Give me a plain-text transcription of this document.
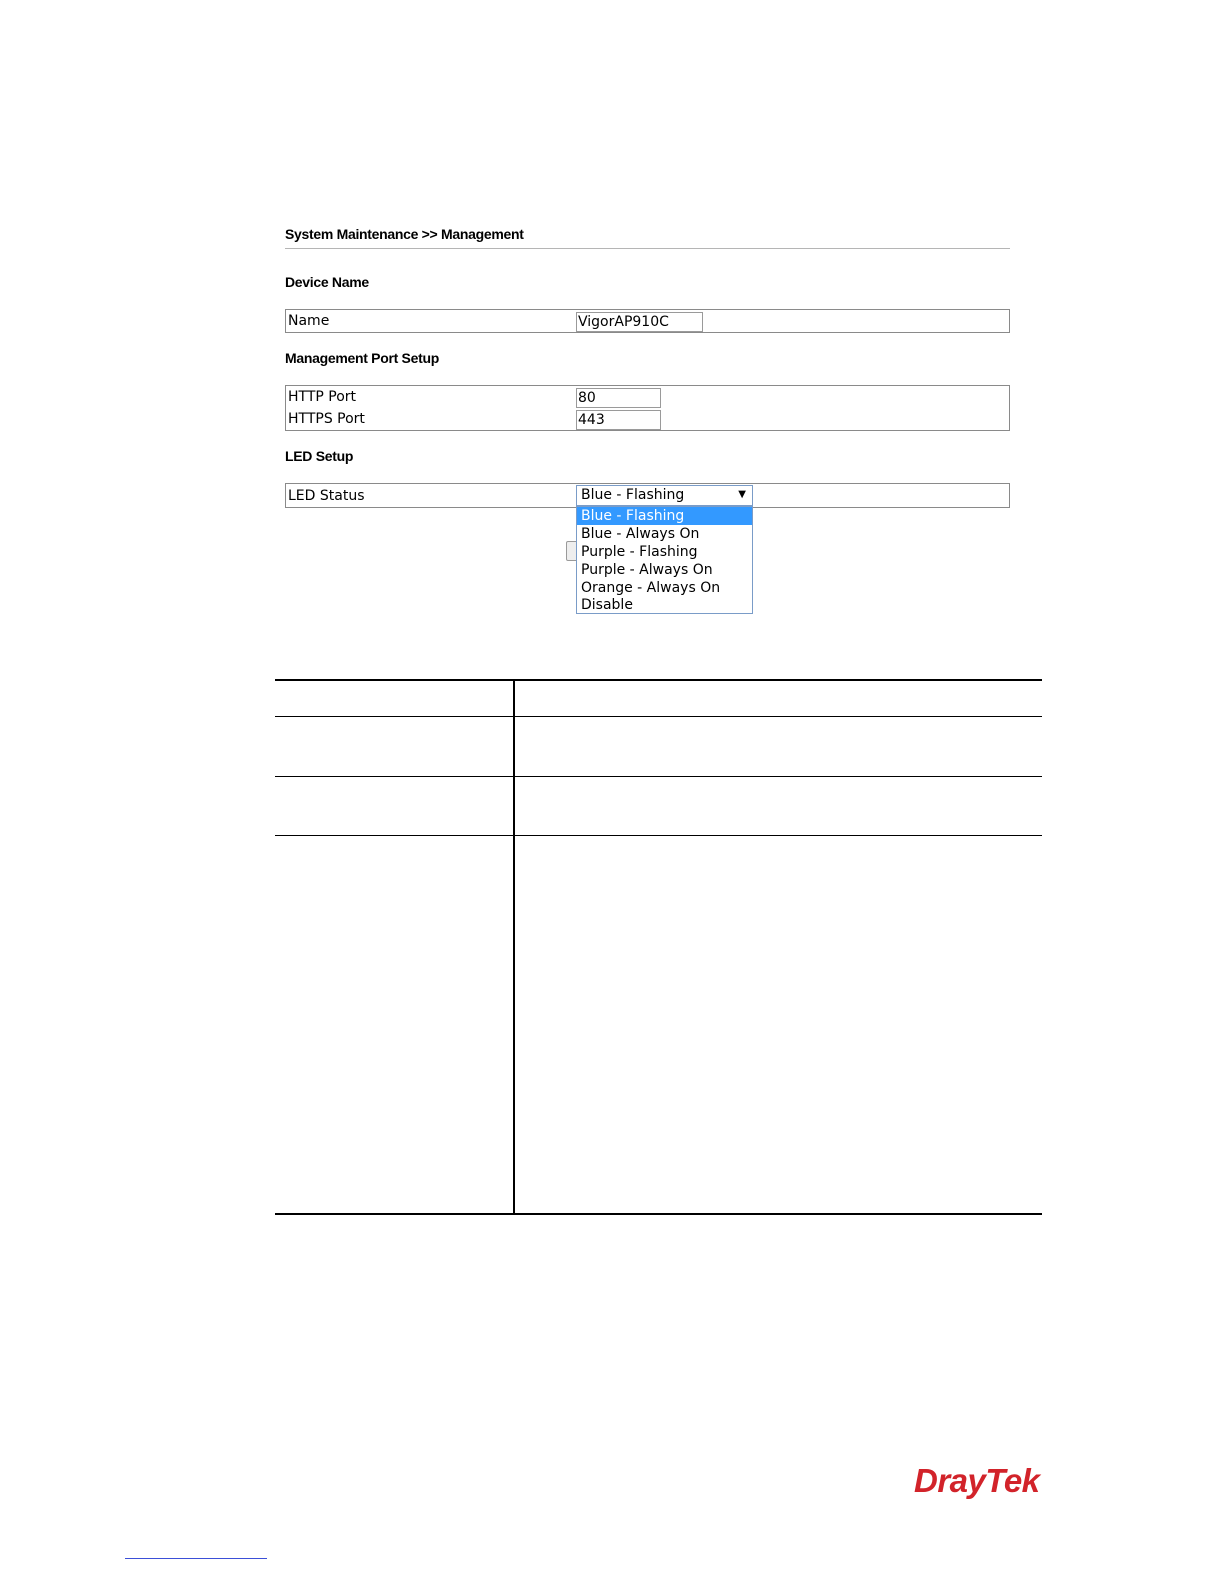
System Maintenance >> Management
Device Name
Name
VigorAP910C
Management Port Setup
HTTP Port
80
HTTPS Port
443
LED Setup
LED Status	Blue - Flashing	▼
Blue - Flashing
Blue - Always On
Purple - Flashing
Purple - Always On
Orange - Always On
Disable
DrayTek
